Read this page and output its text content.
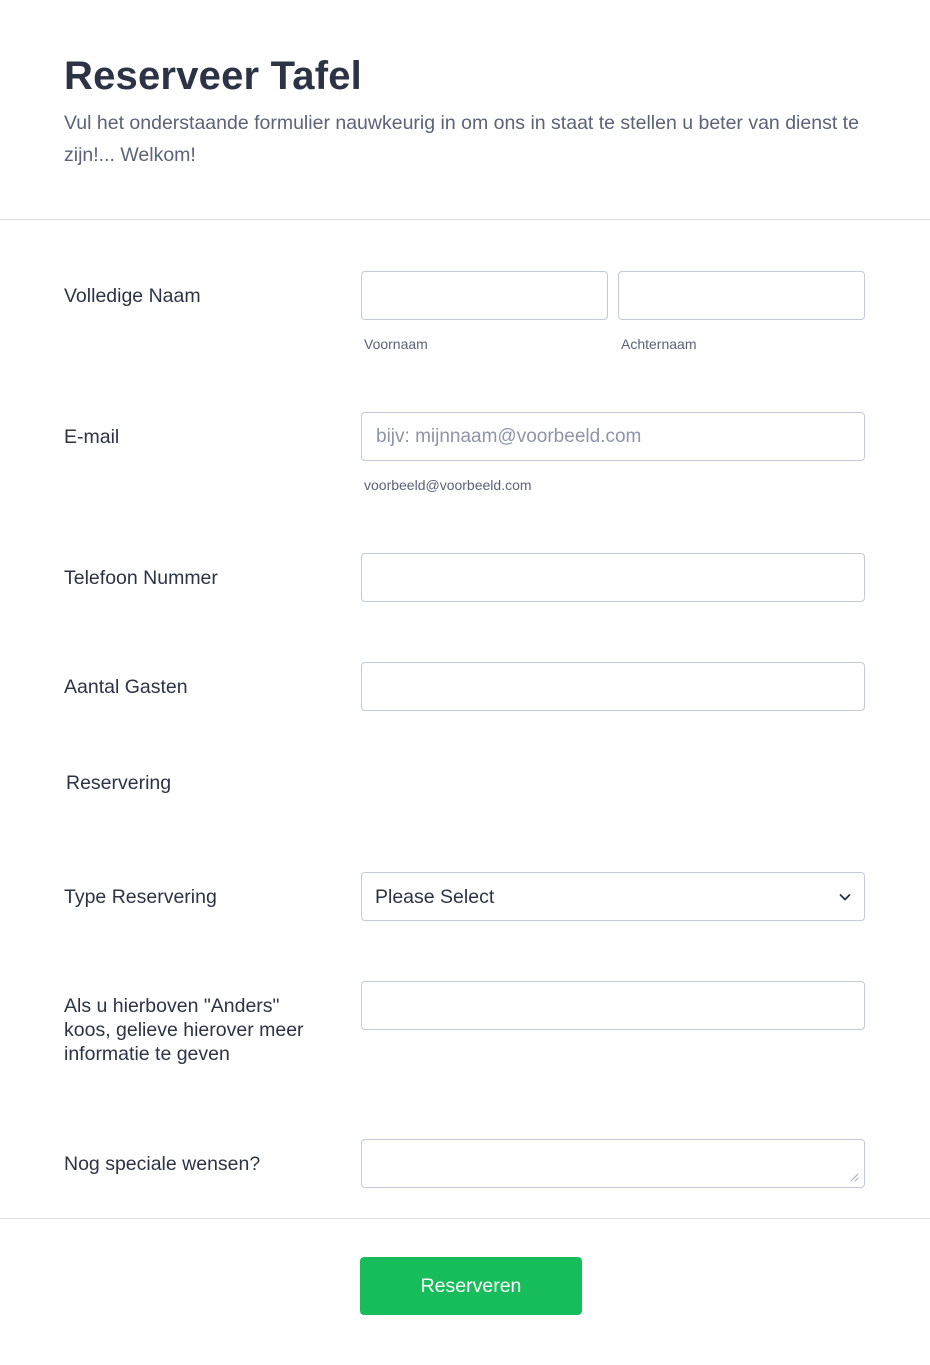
Reserveer Tafel

Vul het onderstaande formulier nauwkeurig in om ons in staat te stellen u beter van dienst te zijn!... Welkom!

Volledige Naam
Voornaam	Achternaam
E-mail
bijv: mijnnaam@voorbeeld.com
voorbeeld@voorbeeld.com
Telefoon Nummer
Aantal Gasten
Reservering
Type Reservering	Please Select
Als u hierboven "Anders" koos, gelieve hierover meer informatie te geven
Nog speciale wensen?
Reserveren
